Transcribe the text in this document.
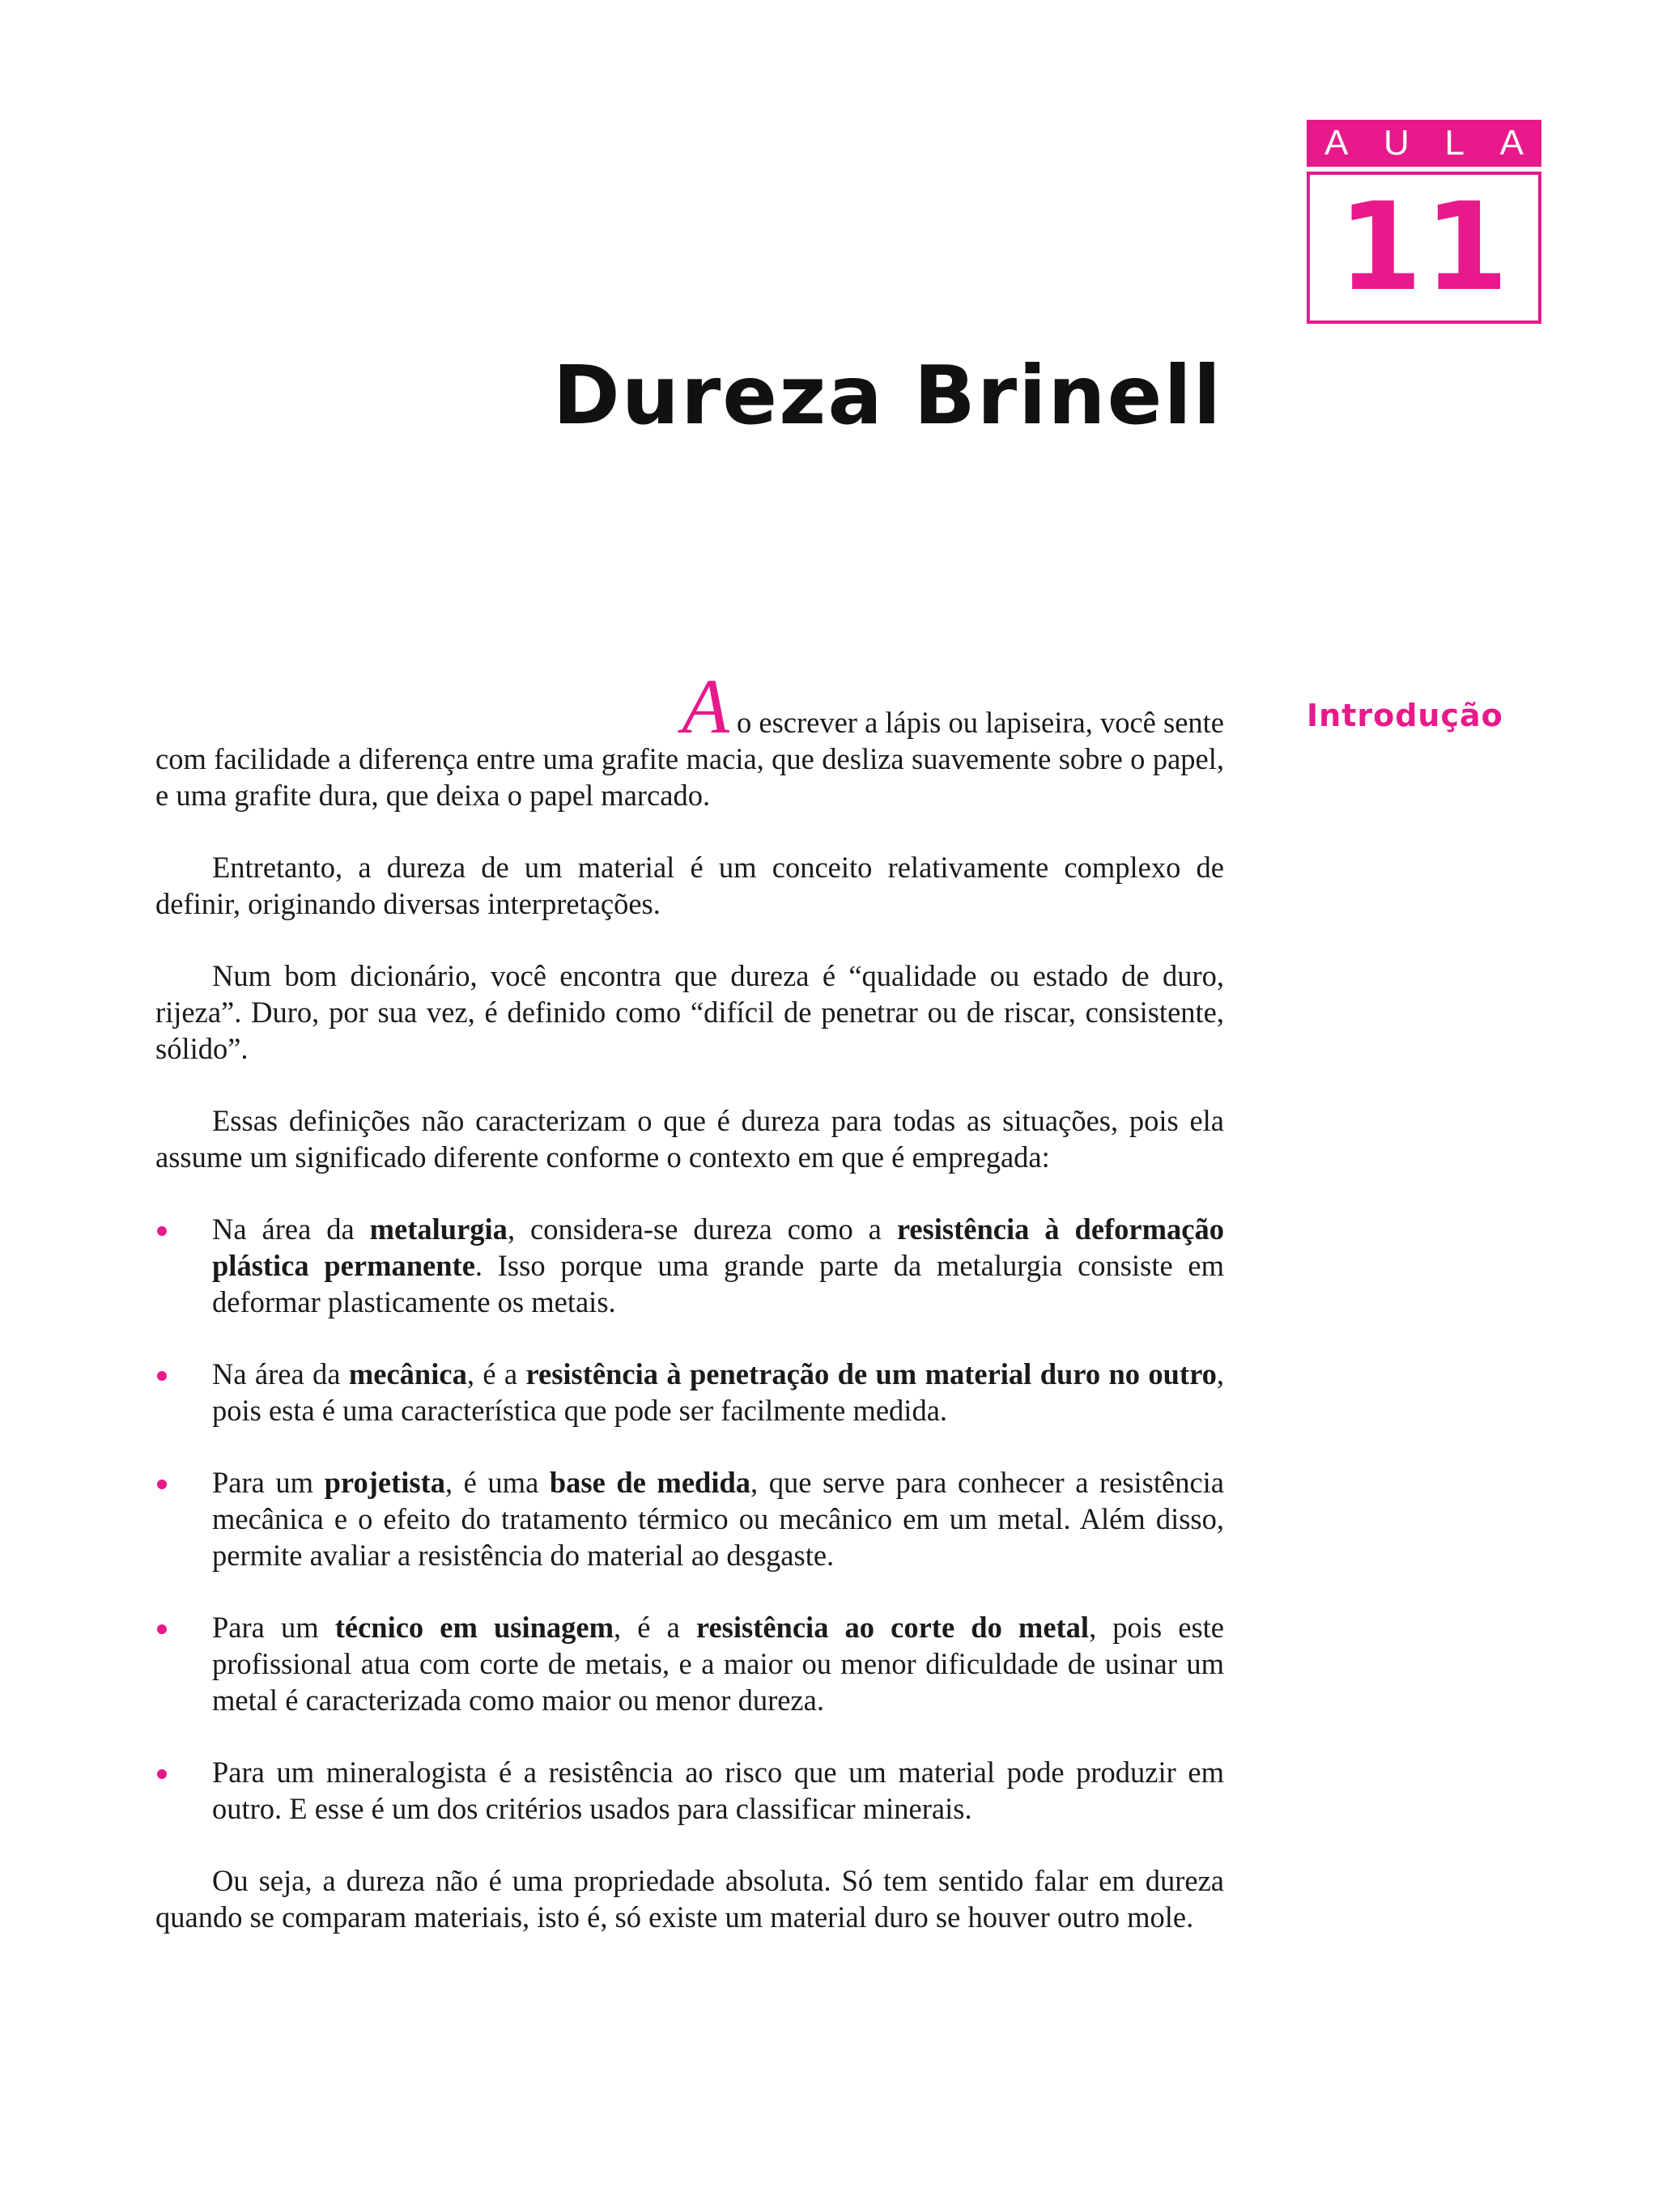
A U L A
11
Dureza Brinell
Introdução

A o escrever a lápis ou lapiseira, você sente
com facilidade a diferença entre uma grafite macia, que desliza suavemente sobre o papel, e uma grafite dura, que deixa o papel marcado.

Entretanto, a dureza de um material é um conceito relativamente complexo de definir, originando diversas interpretações.

Num bom dicionário, você encontra que dureza é “qualidade ou estado de duro, rijeza”. Duro, por sua vez, é definido como “difícil de penetrar ou de riscar, consistente, sólido”.

Essas definições não caracterizam o que é dureza para todas as situações, pois ela assume um significado diferente conforme o contexto em que é empregada:

Na área da metalurgia, considera-se dureza como a resistência à deformação plástica permanente. Isso porque uma grande parte da metalurgia consiste em deformar plasticamente os metais.
Na área da mecânica, é a resistência à penetração de um material duro no outro, pois esta é uma característica que pode ser facilmente medida.
Para um projetista, é uma base de medida, que serve para conhecer a resistência mecânica e o efeito do tratamento térmico ou mecânico em um metal. Além disso, permite avaliar a resistência do material ao desgaste.
Para um técnico em usinagem, é a resistência ao corte do metal, pois este profissional atua com corte de metais, e a maior ou menor dificuldade de usinar um metal é caracterizada como maior ou menor dureza.
Para um mineralogista é a resistência ao risco que um material pode produzir em outro. E esse é um dos critérios usados para classificar minerais.

Ou seja, a dureza não é uma propriedade absoluta. Só tem sentido falar em dureza quando se comparam materiais, isto é, só existe um material duro se houver outro mole.
